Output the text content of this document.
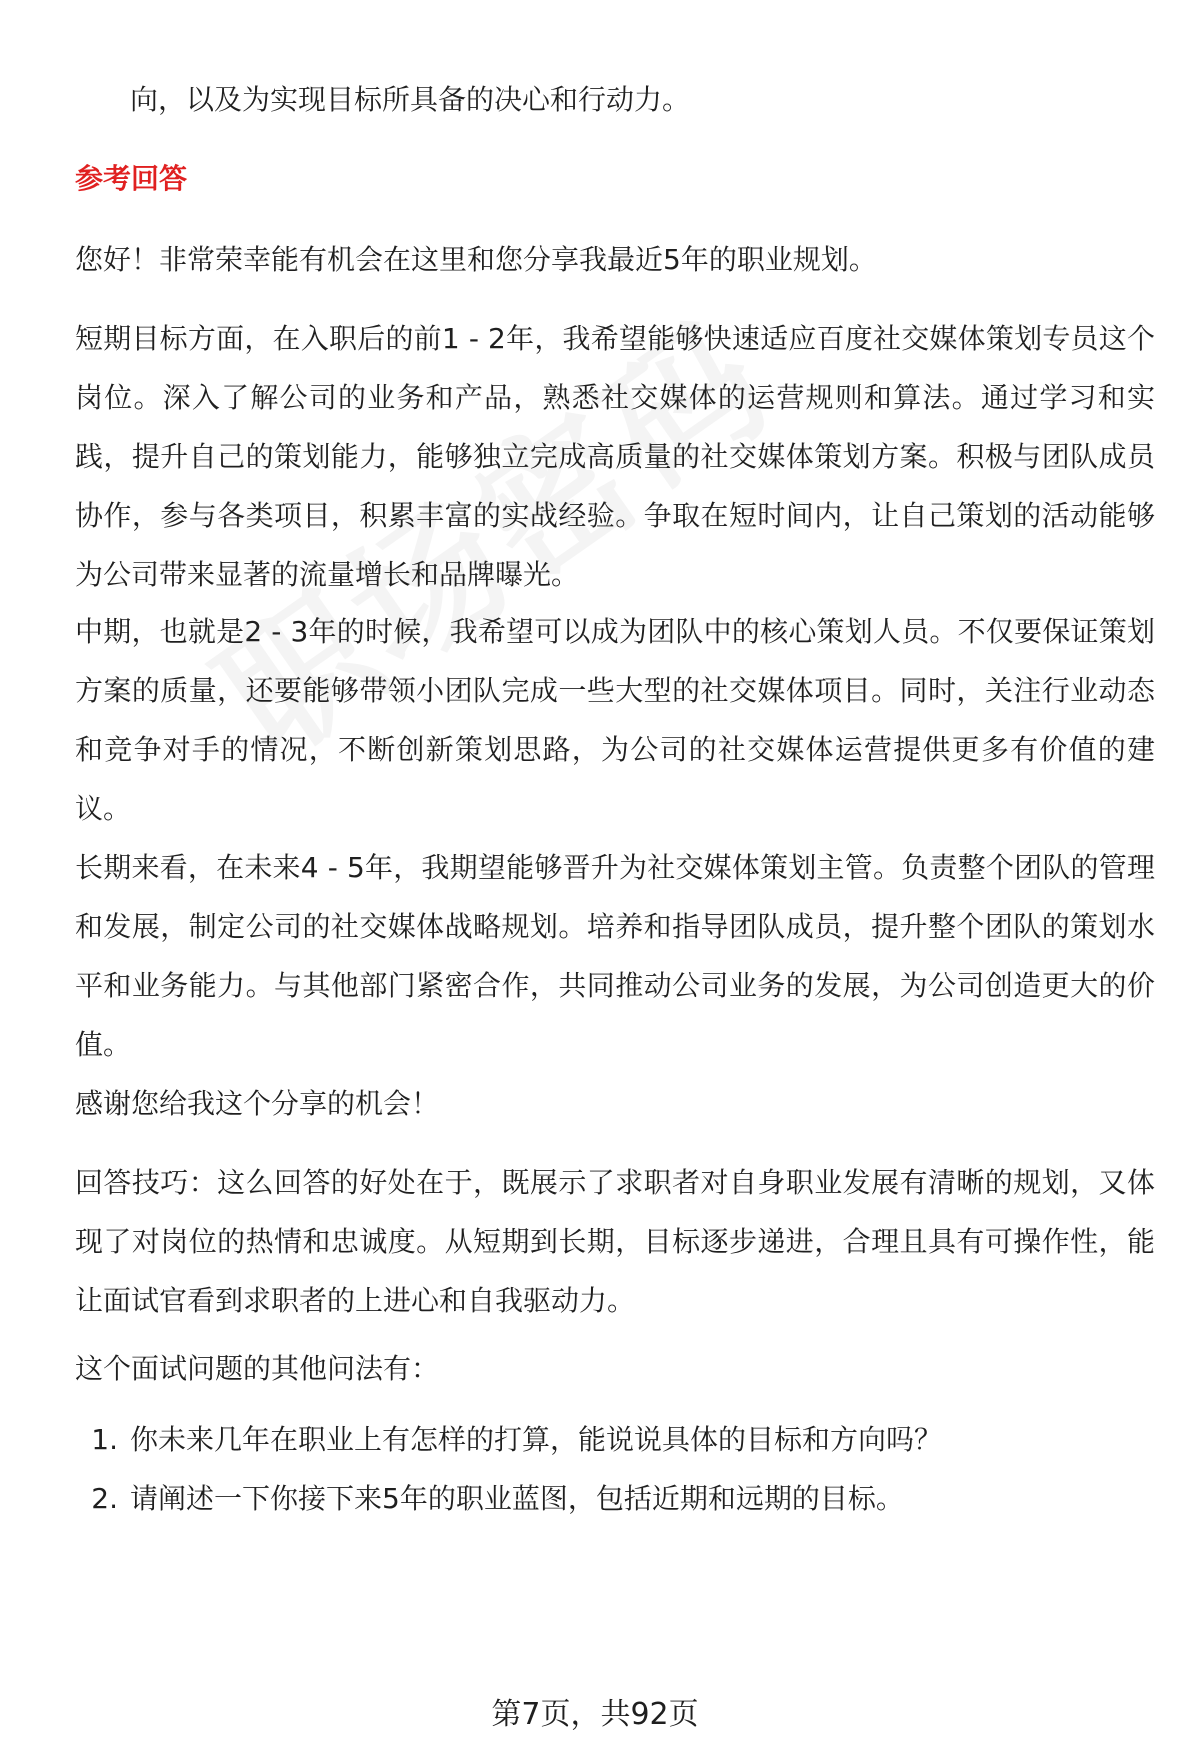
向，以及为实现目标所具备的决心和行动力。

参考回答

您好！非常荣幸能有机会在这里和您分享我最近5年的职业规划。

短期目标方面，在入职后的前1 - 2年，我希望能够快速适应百度社交媒体策划专员这个岗位。深入了解公司的业务和产品，熟悉社交媒体的运营规则和算法。通过学习和实践，提升自己的策划能力，能够独立完成高质量的社交媒体策划方案。积极与团队成员协作，参与各类项目，积累丰富的实战经验。争取在短时间内，让自己策划的活动能够为公司带来显著的流量增长和品牌曝光。

中期，也就是2 - 3年的时候，我希望可以成为团队中的核心策划人员。不仅要保证策划方案的质量，还要能够带领小团队完成一些大型的社交媒体项目。同时，关注行业动态和竞争对手的情况，不断创新策划思路，为公司的社交媒体运营提供更多有价值的建议。

长期来看，在未来4 - 5年，我期望能够晋升为社交媒体策划主管。负责整个团队的管理和发展，制定公司的社交媒体战略规划。培养和指导团队成员，提升整个团队的策划水平和业务能力。与其他部门紧密合作，共同推动公司业务的发展，为公司创造更大的价值。

感谢您给我这个分享的机会！

回答技巧：这么回答的好处在于，既展示了求职者对自身职业发展有清晰的规划，又体现了对岗位的热情和忠诚度。从短期到长期，目标逐步递进，合理且具有可操作性，能让面试官看到求职者的上进心和自我驱动力。

这个面试问题的其他问法有：

1. 你未来几年在职业上有怎样的打算，能说说具体的目标和方向吗？
2. 请阐述一下你接下来5年的职业蓝图，包括近期和远期的目标。

第7页，共92页
